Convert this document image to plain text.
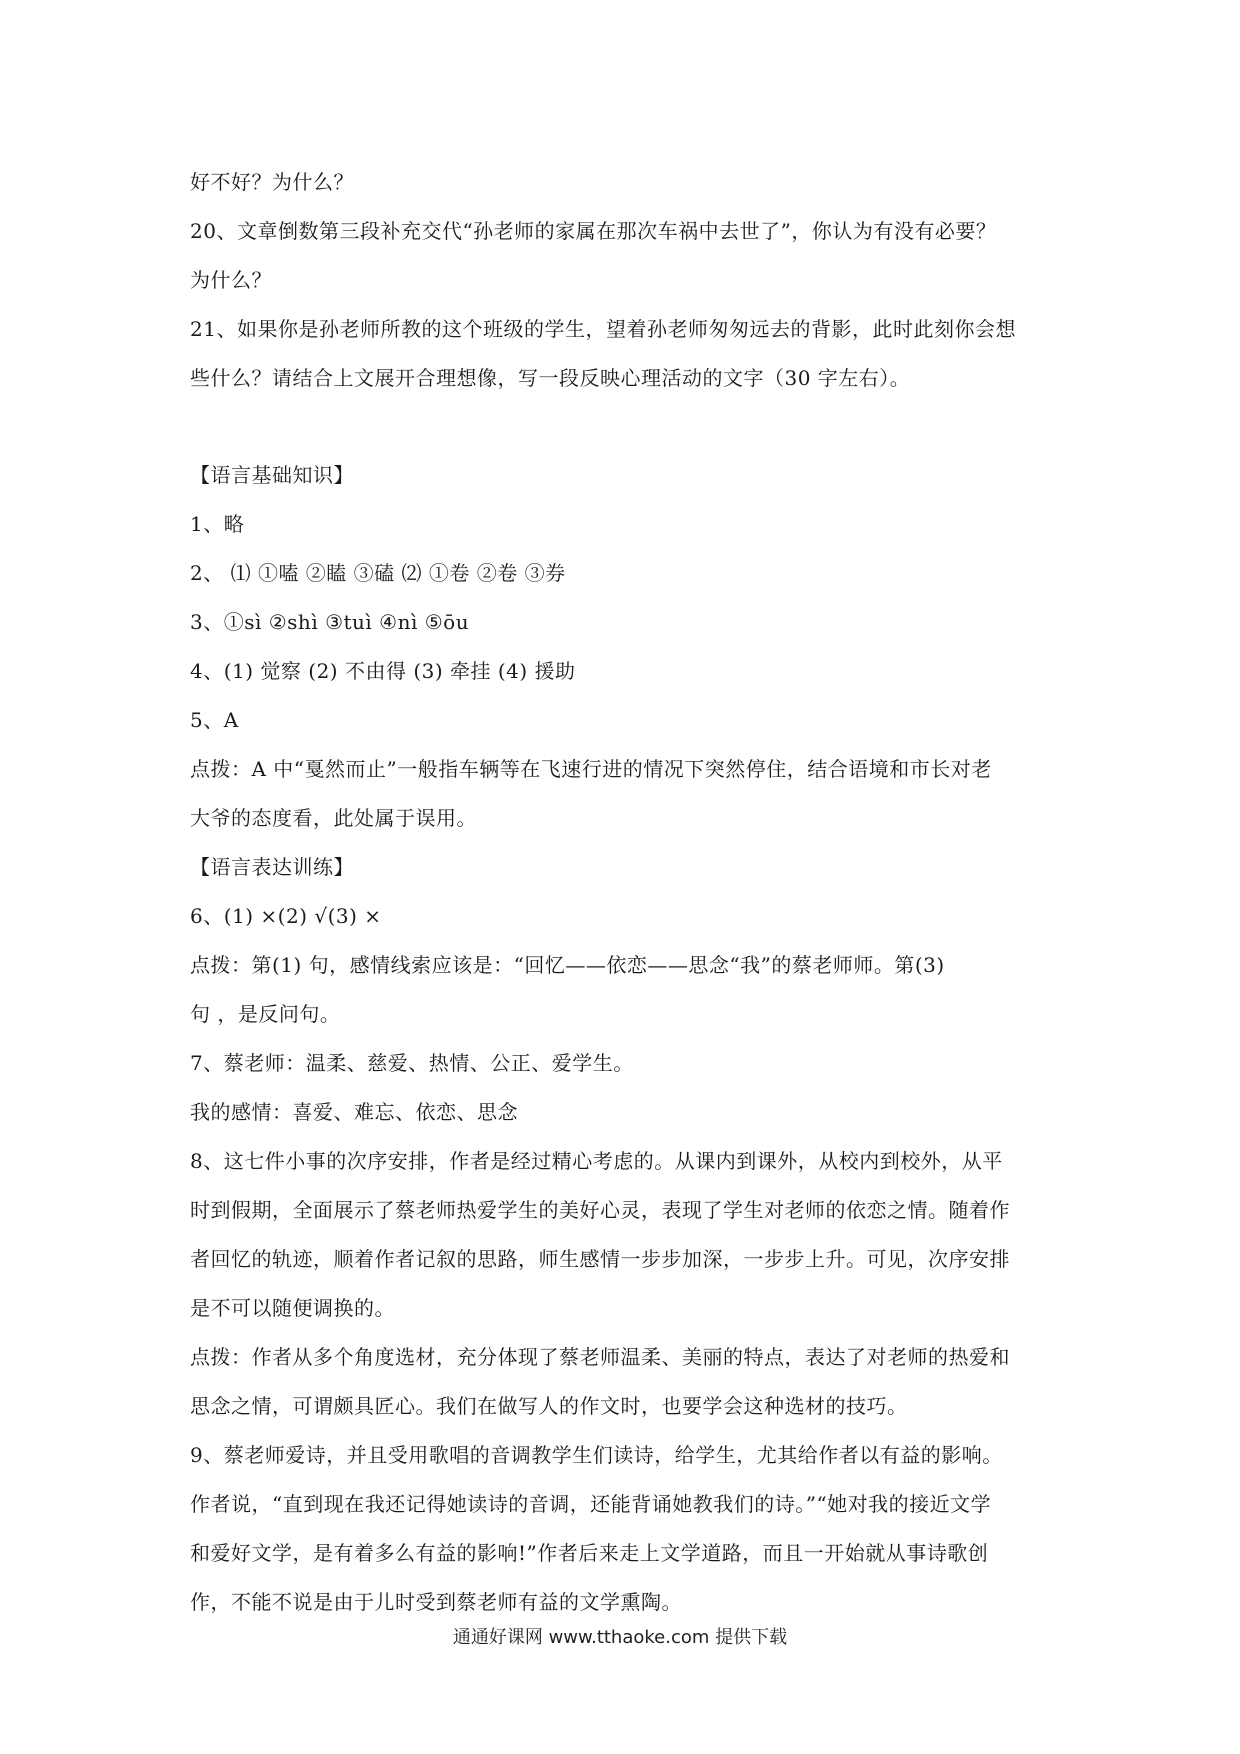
好不好？为什么？
20、文章倒数第三段补充交代“孙老师的家属在那次车祸中去世了”，你认为有没有必要？
为什么？
21、如果你是孙老师所教的这个班级的学生，望着孙老师匆匆远去的背影，此时此刻你会想
些什么？请结合上文展开合理想像，写一段反映心理活动的文字（30 字左右）。
【语言基础知识】
1、略
2、 ⑴ ①嗑 ②瞌 ③磕 ⑵ ①卷 ②卷 ③券
3、①sì ②shì ③tuì ④nì ⑤ōu
4、(1) 觉察 (2) 不由得 (3) 牵挂 (4) 援助
5、A
点拨：A 中“戛然而止”一般指车辆等在飞速行进的情况下突然停住，结合语境和市长对老
大爷的态度看，此处属于误用。
【语言表达训练】
6、(1) ×(2) √(3) ×
点拨：第(1) 句，感情线索应该是：“回忆——依恋——思念“我”的蔡老师师。第(3)
句 ，是反问句。
7、蔡老师：温柔、慈爱、热情、公正、爱学生。
我的感情：喜爱、难忘、依恋、思念
8、这七件小事的次序安排，作者是经过精心考虑的。从课内到课外，从校内到校外，从平
时到假期，全面展示了蔡老师热爱学生的美好心灵，表现了学生对老师的依恋之情。随着作
者回忆的轨迹，顺着作者记叙的思路，师生感情一步步加深，一步步上升。可见，次序安排
是不可以随便调换的。
点拨：作者从多个角度选材，充分体现了蔡老师温柔、美丽的特点，表达了对老师的热爱和
思念之情，可谓颇具匠心。我们在做写人的作文时，也要学会这种选材的技巧。
9、蔡老师爱诗，并且受用歌唱的音调教学生们读诗，给学生，尤其给作者以有益的影响。
作者说，“直到现在我还记得她读诗的音调，还能背诵她教我们的诗。”“她对我的接近文学
和爱好文学，是有着多么有益的影响!”作者后来走上文学道路，而且一开始就从事诗歌创
作，不能不说是由于儿时受到蔡老师有益的文学熏陶。
通通好课网 www.tthaoke.com 提供下载
